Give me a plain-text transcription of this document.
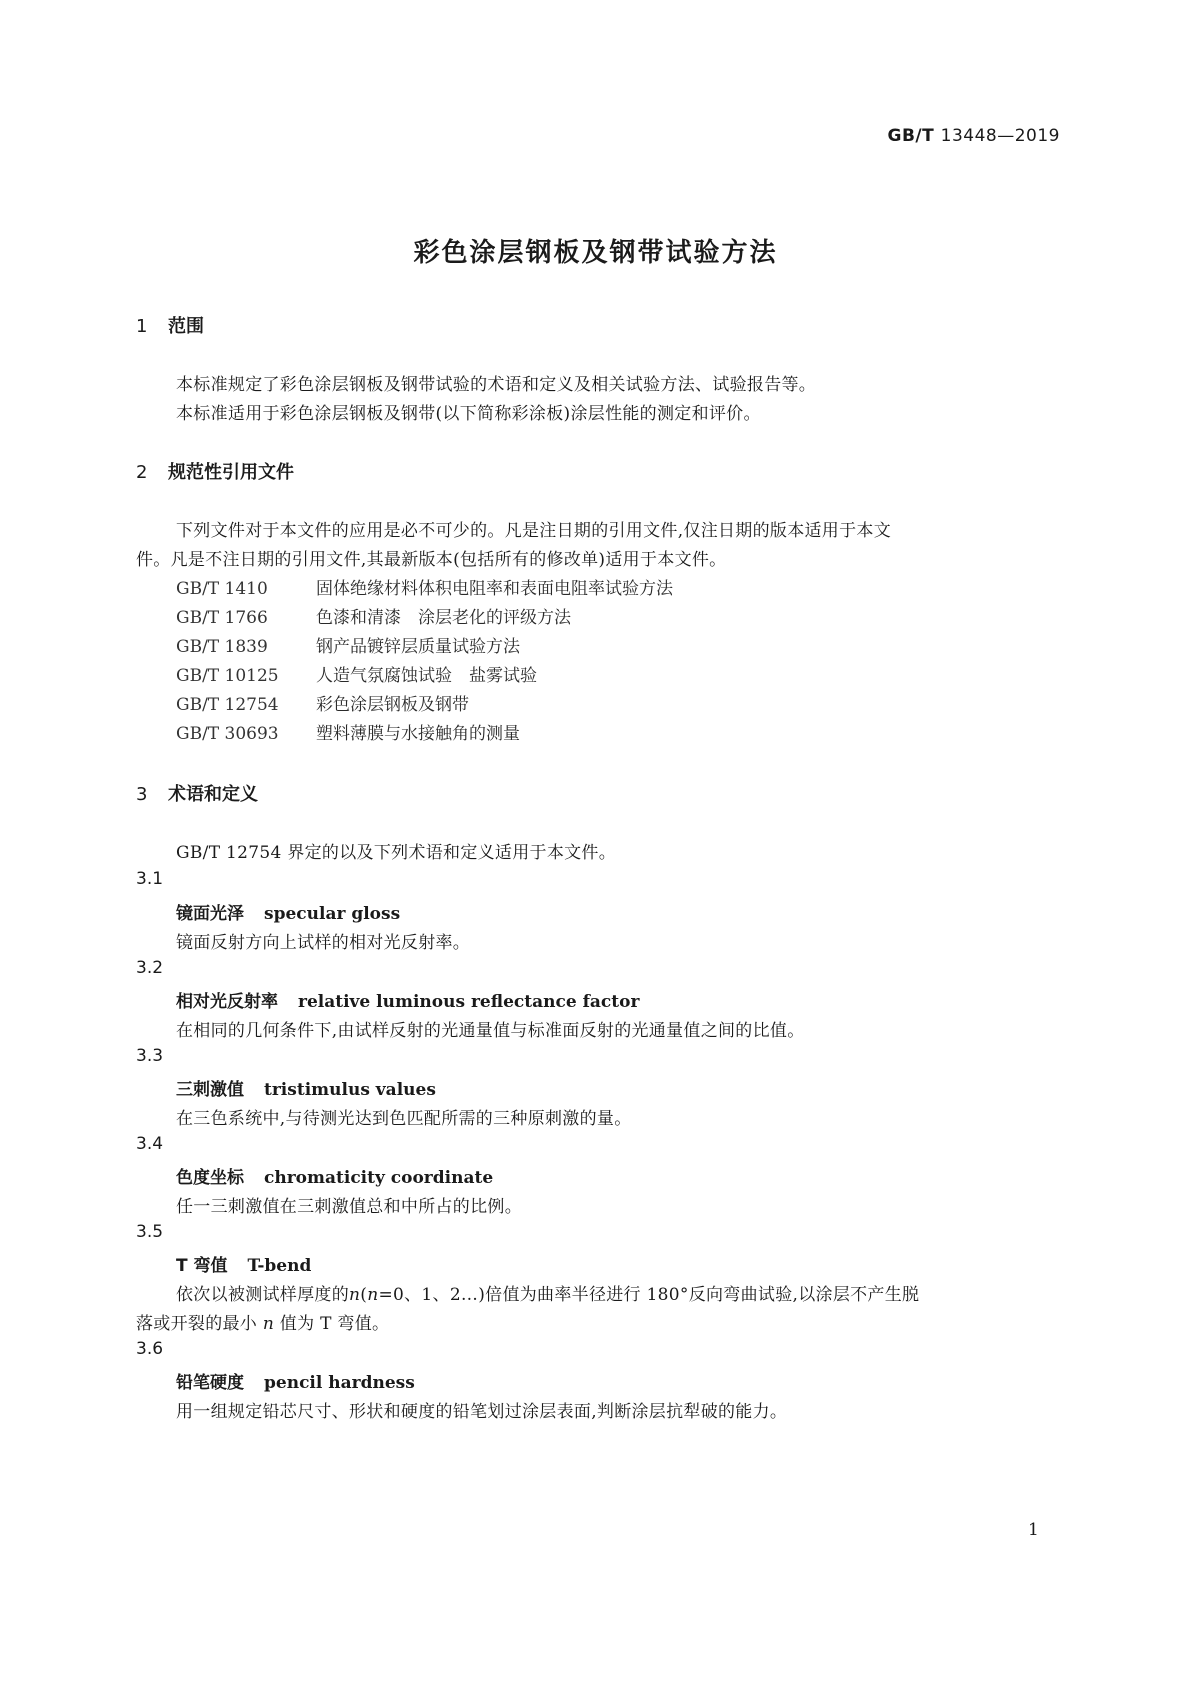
GB/T 13448—2019
彩色涂层钢板及钢带试验方法
1 范围
本标准规定了彩色涂层钢板及钢带试验的术语和定义及相关试验方法、试验报告等。
本标准适用于彩色涂层钢板及钢带(以下简称彩涂板)涂层性能的测定和评价。
2 规范性引用文件
下列文件对于本文件的应用是必不可少的。凡是注日期的引用文件,仅注日期的版本适用于本文
件。凡是不注日期的引用文件,其最新版本(包括所有的修改单)适用于本文件。
GB/T 1410	固体绝缘材料体积电阻率和表面电阻率试验方法
GB/T 1766	色漆和清漆　涂层老化的评级方法
GB/T 1839	钢产品镀锌层质量试验方法
GB/T 10125 人造气氛腐蚀试验　盐雾试验
GB/T 12754 彩色涂层钢板及钢带
GB/T 30693 塑料薄膜与水接触角的测量
3 术语和定义
GB/T 12754 界定的以及下列术语和定义适用于本文件。
3.1
镜面光泽 specular gloss
镜面反射方向上试样的相对光反射率。
3.2
相对光反射率 relative luminous reflectance factor
在相同的几何条件下,由试样反射的光通量值与标准面反射的光通量值之间的比值。
3.3
三刺激值 tristimulus values
在三色系统中,与待测光达到色匹配所需的三种原刺激的量。
3.4
色度坐标 chromaticity coordinate
任一三刺激值在三刺激值总和中所占的比例。
3.5
T 弯值 T-bend
依次以被测试样厚度的n(n=0、1、2…)倍值为曲率半径进行 180°反向弯曲试验,以涂层不产生脱
落或开裂的最小 n 值为 T 弯值。
3.6
铅笔硬度 pencil hardness
用一组规定铅芯尺寸、形状和硬度的铅笔划过涂层表面,判断涂层抗犁破的能力。
1
